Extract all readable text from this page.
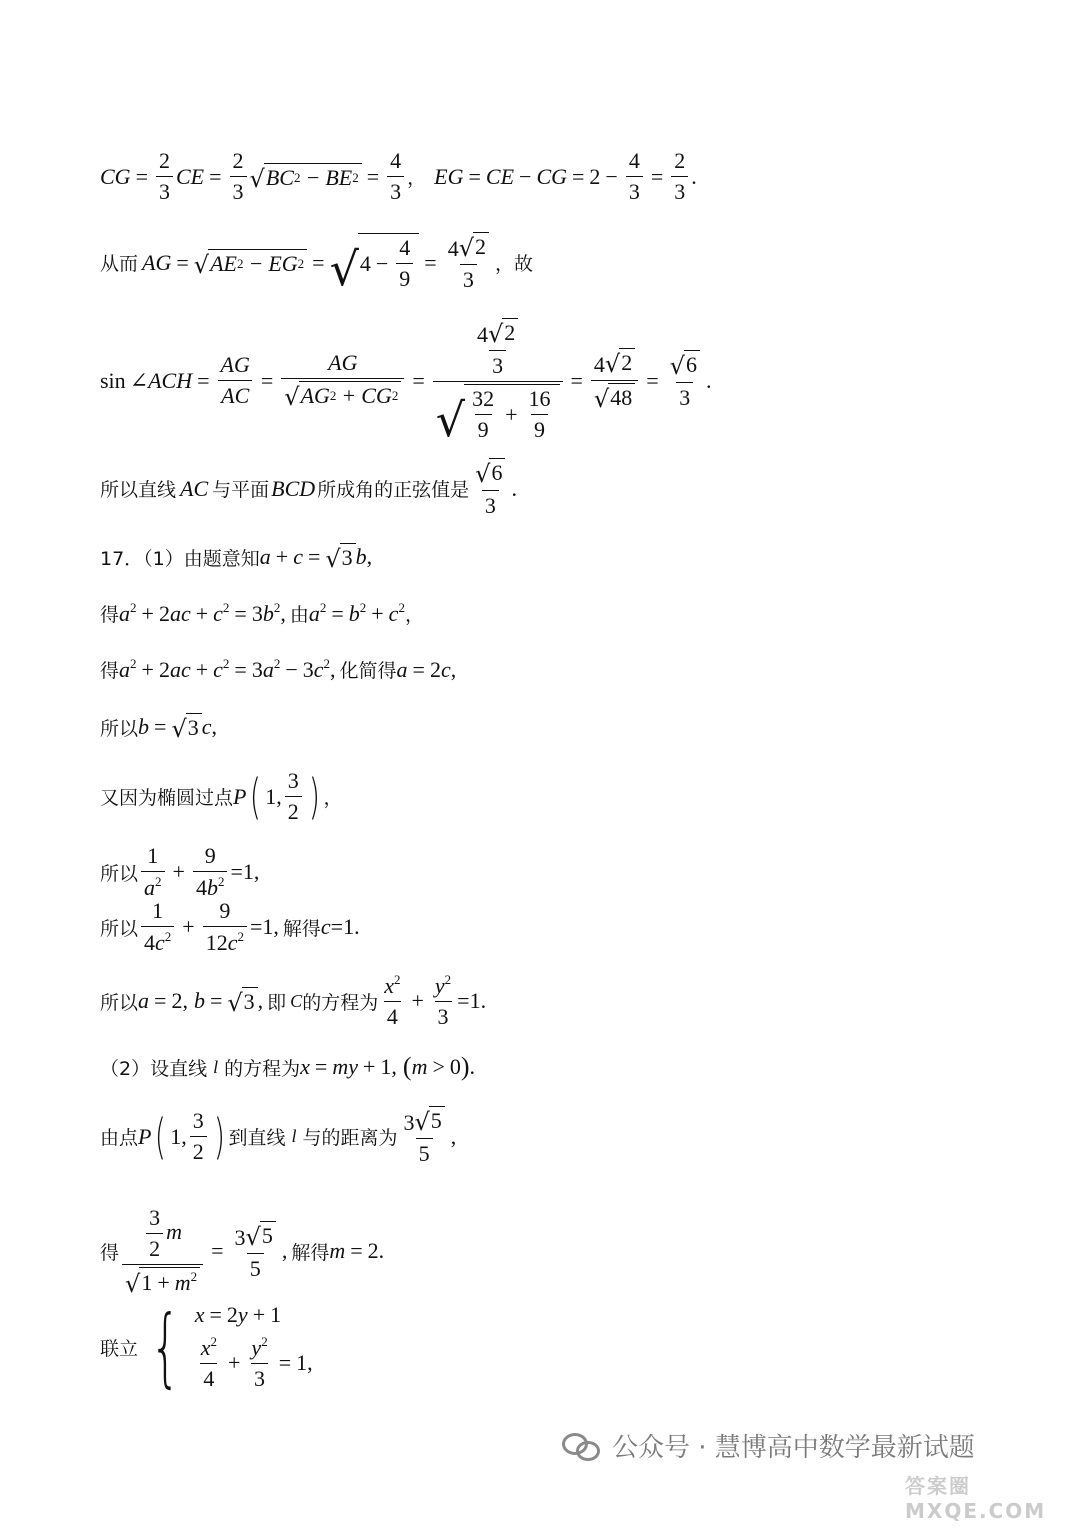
CG = $\frac{2}{3}$ CE = $\frac{2}{3}$ √ BC 2 − BE $2 = \frac{4}{3}$ ， EG = CE − CG = $2 - \frac{4}{3} = \frac{2}{3}$ .
从而 AG = √ AE 2 − EG 2 = √ $4 - \frac{4}{9} = \frac{4 √ 2}{3}$ ，故
sin ∠ACH = $\frac{AG}{AC} = \frac{AG}{√ AG 2 + CG 2} = \frac{\frac{4 √ 2}{3}}{√ \frac{32}{9} + \frac{16}{9}} = \frac{4 √ 2}{√ 48} = \frac{√ 6}{3}$ .
所以直线 AC 与平面 BCD 所成角的正弦值是 $\frac{√ 6}{3}$ .
17．（1）由题意知 a + c = √ 3 b ,
得 $a^2 + 2$ ac + $c^2 = 3$ $b^2$ , 由 $a^2 = b^2 + c^2$ ，
得 $a^2 + 2$ ac + $c^2 = 3$ $a^2 - 3$ $c^2$ , 化简得 a = 2 c ,
所以 b = √ 3 c ,
又因为椭圆过点 P ( 1, $\frac{3}{2}$ ) ，
所以 $\frac{1}{a^2} + \frac{9}{4b^2} =1$,
所以 $\frac{1}{4c^2} + \frac{9}{12c^2} =1$, 解得 c =1.
所以 a = 2 , b = √ 3 , 即 C 的方程为 $\frac{x^2}{4} + \frac{y^2}{3} =1$.
（2）设直线 l 的方程为 x = my + 1 , ( m > 0 ) .
由点 P ( 1, $\frac{3}{2}$ ) 到直线 l 与的距离为 $\frac{3 √ 5}{5}$ ,
得 $\frac{\frac{3}{2} m}{√ 1 + m^2} = \frac{3 √ 5}{5}$ , 解得 m = 2 .
联立 { x = 2 y + 1
$\frac{x^2}{4} + \frac{y^2}{3} = 1$ ,
公众号 · 慧博高中数学最新试题
答案圈 MXQE.COM
